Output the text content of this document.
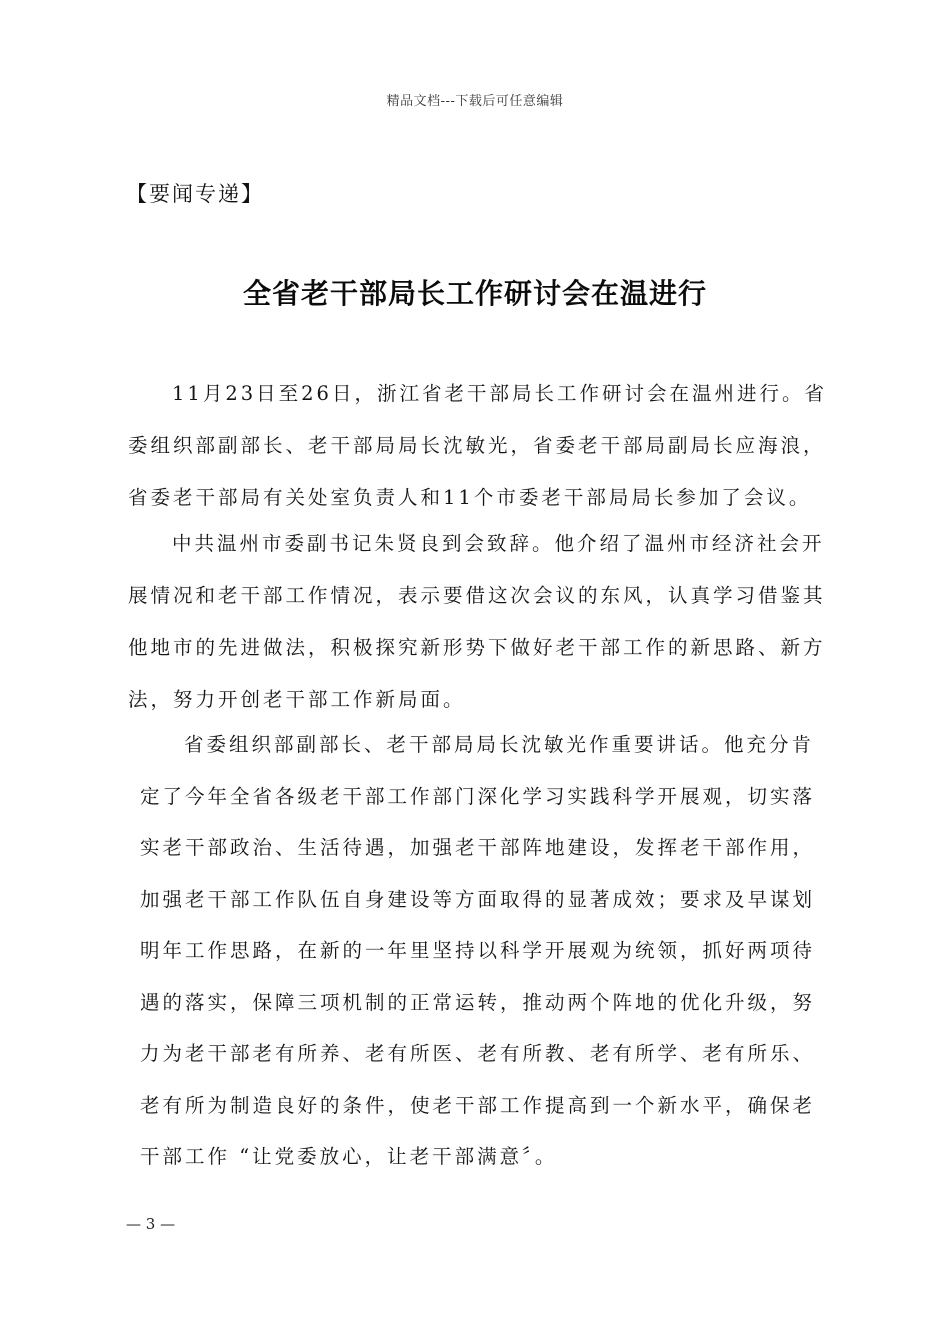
精品文档---下载后可任意编辑
【要闻专递】
全省老干部局长工作研讨会在温进行

11月23日至26日，浙江省老干部局长工作研讨会在温州进行。省
委组织部副部长、老干部局局长沈敏光，省委老干部局副局长应海浪，
省委老干部局有关处室负责人和11个市委老干部局局长参加了会议。

中共温州市委副书记朱贤良到会致辞。他介绍了温州市经济社会开
展情况和老干部工作情况，表示要借这次会议的东风，认真学习借鉴其
他地市的先进做法，积极探究新形势下做好老干部工作的新思路、新方
法，努力开创老干部工作新局面。

省委组织部副部长、老干部局局长沈敏光作重要讲话。他充分肯
定了今年全省各级老干部工作部门深化学习实践科学开展观，切实落
实老干部政治、生活待遇，加强老干部阵地建设，发挥老干部作用，
加强老干部工作队伍自身建设等方面取得的显著成效；要求及早谋划
明年工作思路，在新的一年里坚持以科学开展观为统领，抓好两项待
遇的落实，保障三项机制的正常运转，推动两个阵地的优化升级，努
力为老干部老有所养、老有所医、老有所教、老有所学、老有所乐、
老有所为制造良好的条件，使老干部工作提高到一个新水平，确保老
干部工作 “让党委放心，让老干部满意〞。

— 3 —
